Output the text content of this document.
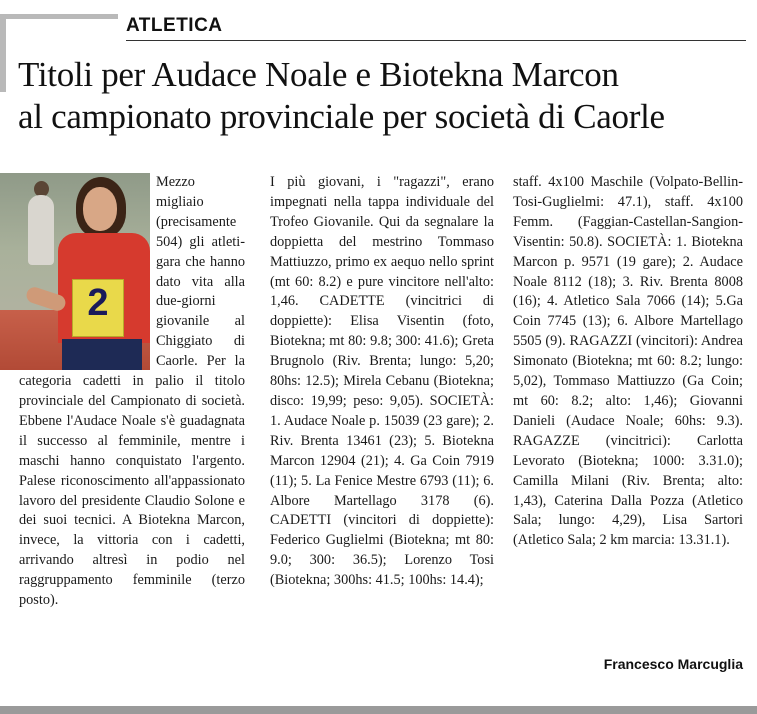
ATLETICA
Titoli per Audace Noale e Biotekna Marcon
al campionato provinciale per società di Caorle

2
Mezzo migliaio (precisamente 504) gli atleti-gara che hanno dato vita alla due-giorni giovanile al Chiggiato di Caorle. Per la categoria cadetti in palio il titolo provinciale del Campionato di società. Ebbene l'Audace Noale s'è guadagnata il successo al femminile, mentre i maschi hanno conquistato l'argento. Palese riconoscimento all'appassionato lavoro del presidente Claudio Solone e dei suoi tecnici. A Biotekna Marcon, invece, la vittoria con i cadetti, arrivando altresì in podio nel raggruppamento femminile (terzo posto).

I più giovani, i "ragazzi", erano impegnati nella tappa individuale del Trofeo Giovanile. Qui da segnalare la doppietta del mestrino Tommaso Mattiuzzo, primo ex aequo nello sprint (mt 60: 8.2) e pure vincitore nell'alto: 1,46. CADETTE (vincitrici di doppiette): Elisa Visentin (foto, Biotekna; mt 80: 9.8; 300: 41.6); Greta Brugnolo (Riv. Brenta; lungo: 5,20; 80hs: 12.5); Mirela Cebanu (Biotekna; disco: 19,99; peso: 9,05). SOCIETÀ: 1. Audace Noale p. 15039 (23 gare); 2. Riv. Brenta 13461 (23); 5. Biotekna Marcon 12904 (21); 4. Ga Coin 7919 (11); 5. La Fenice Mestre 6793 (11); 6. Albore Martellago 3178 (6). CADETTI (vincitori di doppiette): Federico Guglielmi (Biotekna; mt 80: 9.0; 300: 36.5); Lorenzo Tosi (Biotekna; 300hs: 41.5; 100hs: 14.4);

staff. 4x100 Maschile (Volpato-Bellin-Tosi-Guglielmi: 47.1), staff. 4x100 Femm. (Faggian-Castellan-Sangion-Visentin: 50.8). SOCIETÀ: 1. Biotekna Marcon p. 9571 (19 gare); 2. Audace Noale 8112 (18); 3. Riv. Brenta 8008 (16); 4. Atletico Sala 7066 (14); 5.Ga Coin 7745 (13); 6. Albore Martellago 5505 (9). RAGAZZI (vincitori): Andrea Simonato (Biotekna; mt 60: 8.2; lungo: 5,02), Tommaso Mattiuzzo (Ga Coin; mt 60: 8.2; alto: 1,46); Giovanni Danieli (Audace Noale; 60hs: 9.3). RAGAZZE (vincitrici): Carlotta Levorato (Biotekna; 1000: 3.31.0); Camilla Milani (Riv. Brenta; alto: 1,43), Caterina Dalla Pozza (Atletico Sala; lungo: 4,29), Lisa Sartori (Atletico Sala; 2 km marcia: 13.31.1).

Francesco Marcuglia
